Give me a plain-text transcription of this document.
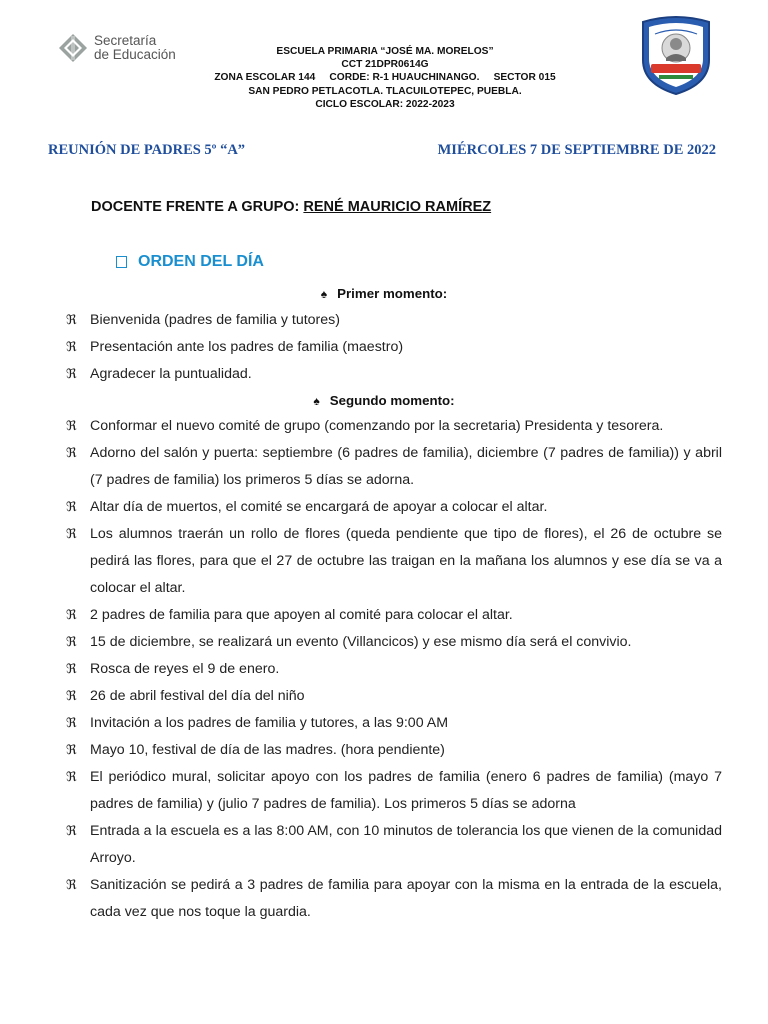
Secretaría
de Educación	ESCUELA PRIMARIA “JOSÉ MA. MORELOS”
CCT 21DPR0614G
ZONA ESCOLAR 144     CORDE: R-1 HUAUCHINANGO.     SECTOR 015
SAN PEDRO PETLACOTLA. TLACUILOTEPEC, PUEBLA.
CICLO ESCOLAR: 2022-2023
REUNIÓN DE PADRES 5º “A”	MIÉRCOLES 7 DE SEPTIEMBRE DE 2022
DOCENTE FRENTE A GRUPO: RENÉ MAURICIO RAMÍREZ
ORDEN DEL DÍA
♠ Primer momento:
ℜ Bienvenida (padres de familia y tutores)
ℜ Presentación ante los padres de familia (maestro)
ℜ Agradecer la puntualidad.
♠ Segundo momento:
ℜ Conformar el nuevo comité de grupo (comenzando por la secretaria) Presidenta y tesorera.
ℜ Adorno del salón y puerta: septiembre (6 padres de familia), diciembre (7 padres de familia)) y abril (7 padres de familia) los primeros 5 días se adorna.
ℜ Altar día de muertos, el comité se encargará de apoyar a colocar el altar.
ℜ Los alumnos traerán un rollo de flores (queda pendiente que tipo de flores), el 26 de octubre se pedirá las flores, para que el 27 de octubre las traigan en la mañana los alumnos y ese día se va a colocar el altar.
ℜ 2 padres de familia para que apoyen al comité para colocar el altar.
ℜ 15 de diciembre, se realizará un evento (Villancicos) y ese mismo día será el convivio.
ℜ Rosca de reyes el 9 de enero.
ℜ 26 de abril festival del día del niño
ℜ Invitación a los padres de familia y tutores, a las 9:00 AM
ℜ Mayo 10, festival de día de las madres. (hora pendiente)
ℜ El periódico mural, solicitar apoyo con los padres de familia (enero 6 padres de familia) (mayo 7 padres de familia) y (julio 7 padres de familia). Los primeros 5 días se adorna
ℜ Entrada a la escuela es a las 8:00 AM, con 10 minutos de tolerancia los que vienen de la comunidad Arroyo.
ℜ Sanitización se pedirá a 3 padres de familia para apoyar con la misma en la entrada de la escuela, cada vez que nos toque la guardia.
